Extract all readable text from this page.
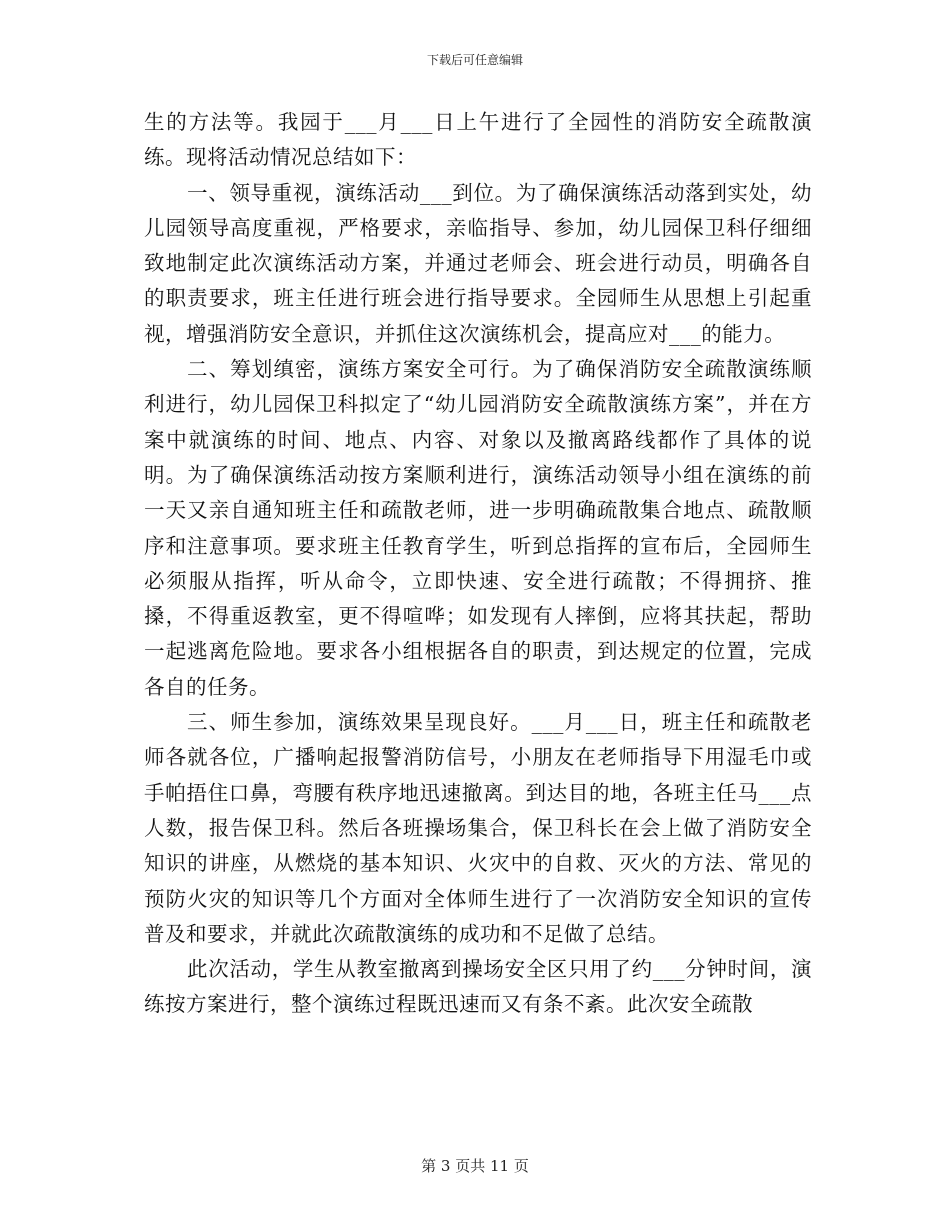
下载后可任意编辑

生的方法等。我园于___月___日上午进行了全园性的消防安全疏散演练。现将活动情况总结如下：

一、领导重视，演练活动___到位。为了确保演练活动落到实处，幼儿园领导高度重视，严格要求，亲临指导、参加，幼儿园保卫科仔细细致地制定此次演练活动方案，并通过老师会、班会进行动员，明确各自的职责要求，班主任进行班会进行指导要求。全园师生从思想上引起重视，增强消防安全意识，并抓住这次演练机会，提高应对___的能力。

二、筹划缜密，演练方案安全可行。为了确保消防安全疏散演练顺利进行，幼儿园保卫科拟定了“幼儿园消防安全疏散演练方案”，并在方案中就演练的时间、地点、内容、对象以及撤离路线都作了具体的说明。为了确保演练活动按方案顺利进行，演练活动领导小组在演练的前一天又亲自通知班主任和疏散老师，进一步明确疏散集合地点、疏散顺序和注意事项。要求班主任教育学生，听到总指挥的宣布后，全园师生必须服从指挥，听从命令，立即快速、安全进行疏散；不得拥挤、推搡，不得重返教室，更不得喧哗；如发现有人摔倒，应将其扶起，帮助一起逃离危险地。要求各小组根据各自的职责，到达规定的位置，完成各自的任务。

三、师生参加，演练效果呈现良好。___月___日，班主任和疏散老师各就各位，广播响起报警消防信号，小朋友在老师指导下用湿毛巾或手帕捂住口鼻，弯腰有秩序地迅速撤离。到达目的地，各班主任马___点人数，报告保卫科。然后各班操场集合，保卫科长在会上做了消防安全知识的讲座，从燃烧的基本知识、火灾中的自救、灭火的方法、常见的预防火灾的知识等几个方面对全体师生进行了一次消防安全知识的宣传普及和要求，并就此次疏散演练的成功和不足做了总结。

此次活动，学生从教室撤离到操场安全区只用了约___分钟时间，演练按方案进行，整个演练过程既迅速而又有条不紊。此次安全疏散

第 3 页共 11 页
